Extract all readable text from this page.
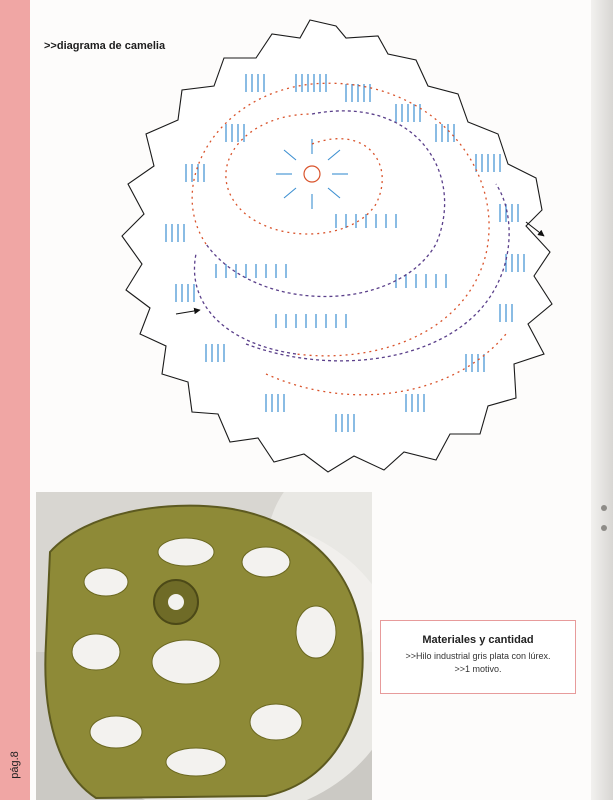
pág.8
>>diagrama de camelia
Materiales y cantidad
>>Hilo industrial gris plata con lúrex.
>>1 motivo.
